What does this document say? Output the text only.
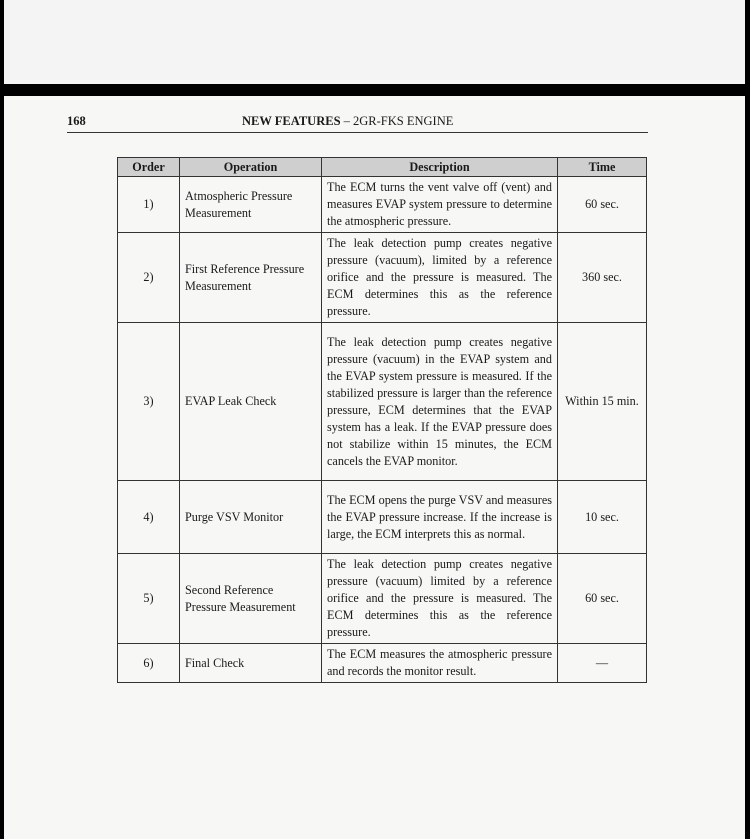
168	NEW FEATURES – 2GR-FKS ENGINE
Order	Operation	Description	Time
1)	Atmospheric Pressure Measurement	The ECM turns the vent valve off (vent) and measures EVAP system pressure to determine the atmospheric pressure.	60 sec.
2)	First Reference Pressure Measurement	The leak detection pump creates negative pressure (vacuum), limited by a reference orifice and the pressure is measured. The ECM determines this as the reference pressure.	360 sec.
3)	EVAP Leak Check	The leak detection pump creates negative pressure (vacuum) in the EVAP system and the EVAP system pressure is measured. If the stabilized pressure is larger than the reference pressure, ECM determines that the EVAP system has a leak. If the EVAP pressure does not stabilize within 15 minutes, the ECM cancels the EVAP monitor.	Within 15 min.
4)	Purge VSV Monitor	The ECM opens the purge VSV and measures the EVAP pressure increase. If the increase is large, the ECM interprets this as normal.	10 sec.
5)	Second Reference Pressure Measurement	The leak detection pump creates negative pressure (vacuum) limited by a reference orifice and the pressure is measured. The ECM determines this as the reference pressure.	60 sec.
6)	Final Check	The ECM measures the atmospheric pressure and records the monitor result.	—
